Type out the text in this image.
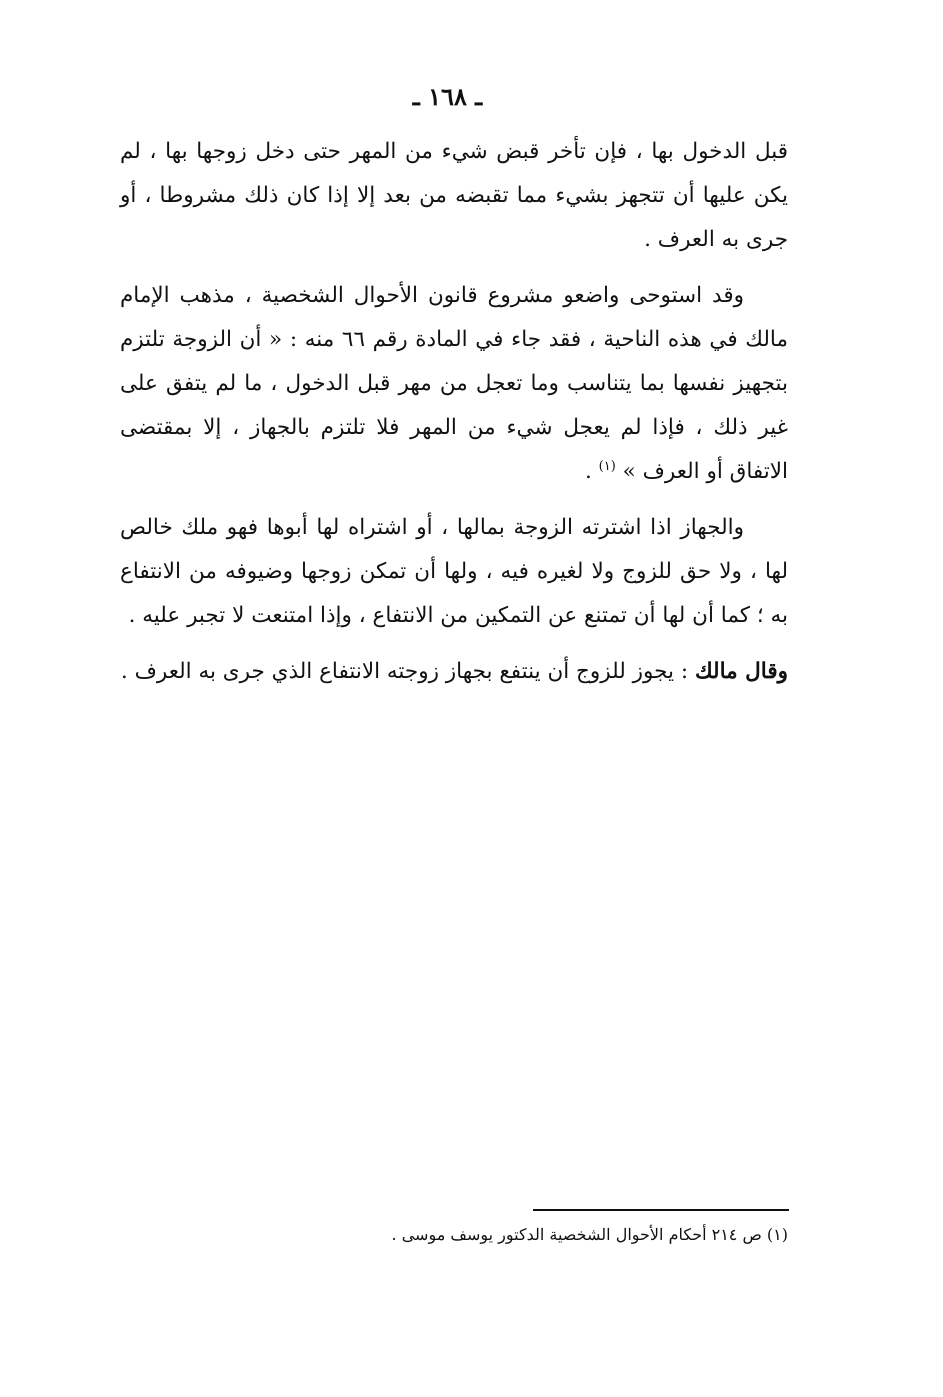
ـ ١٦٨ ـ

قبل الدخول بها ، فإن تأخر قبض شيء من المهر حتى دخل زوجها بها ، لم يكن عليها أن تتجهز بشيء مما تقبضه من بعد إلا إذا كان ذلك مشروطا ، أو جرى به العرف .

وقد استوحى واضعو مشروع قانون الأحوال الشخصية ، مذهب الإمام مالك في هذه الناحية ، فقد جاء في المادة رقم ٦٦ منه : « أن الزوجة تلتزم بتجهيز نفسها بما يتناسب وما تعجل من مهر قبل الدخول ، ما لم يتفق على غير ذلك ، فإذا لم يعجل شيء من المهر فلا تلتزم بالجهاز ، إلا بمقتضى الاتفاق أو العرف » $^{(١)}$ .

والجهاز اذا اشترته الزوجة بمالها ، أو اشتراه لها أبوها فهو ملك خالص لها ، ولا حق للزوج ولا لغيره فيه ، ولها أن تمكن زوجها وضيوفه من الانتفاع به ؛ كما أن لها أن تمتنع عن التمكين من الانتفاع ، وإذا امتنعت لا تجبر عليه .

وقال مالك : يجوز للزوج أن ينتفع بجهاز زوجته الانتفاع الذي جرى به العرف .

(١) ص ٢١٤ أحكام الأحوال الشخصية الدكتور يوسف موسى .
